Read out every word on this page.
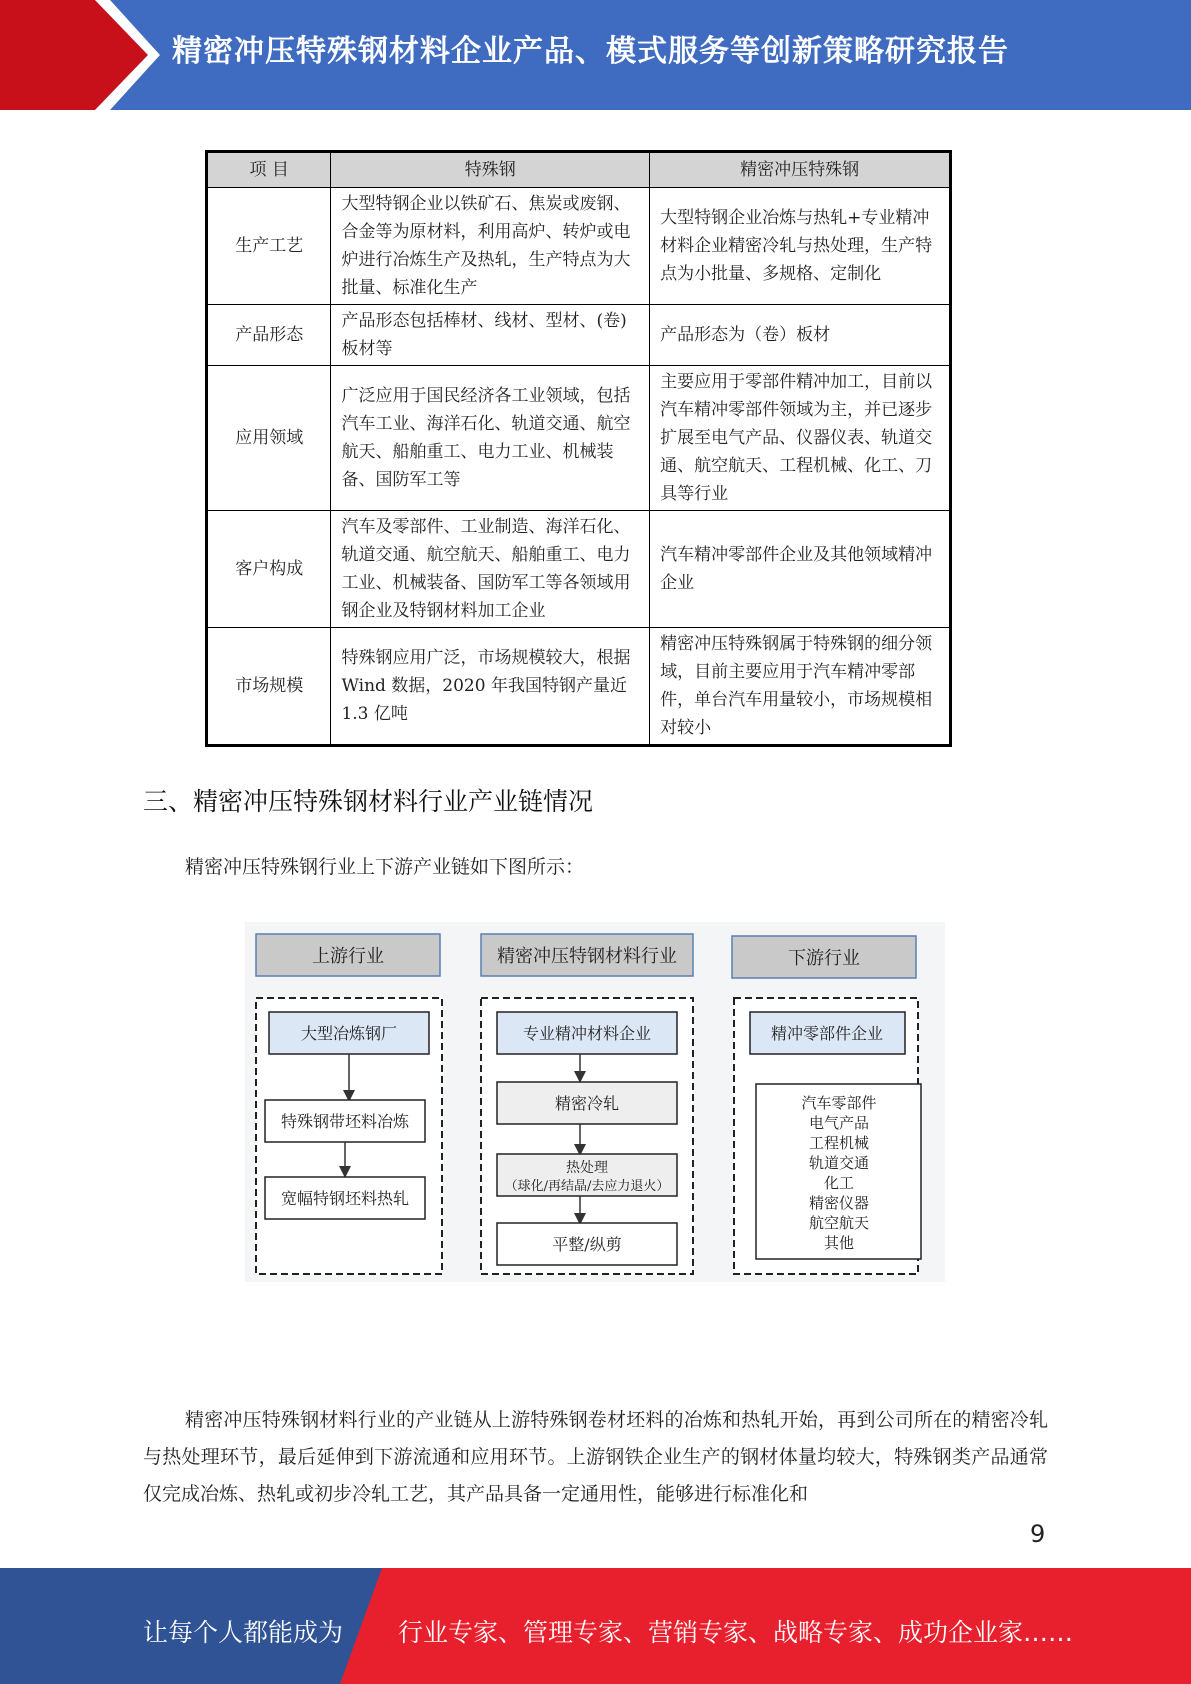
精密冲压特殊钢材料企业产品、模式服务等创新策略研究报告
项 目	特殊钢	精密冲压特殊钢
生产工艺	大型特钢企业以铁矿石、焦炭或废钢、合金等为原材料，利用高炉、转炉或电炉进行冶炼生产及热轧，生产特点为大批量、标准化生产	大型特钢企业冶炼与热轧+专业精冲材料企业精密冷轧与热处理，生产特点为小批量、多规格、定制化
产品形态	产品形态包括棒材、线材、型材、(卷)板材等	产品形态为（卷）板材
应用领域	广泛应用于国民经济各工业领域，包括汽车工业、海洋石化、轨道交通、航空航天、船舶重工、电力工业、机械装备、国防军工等	主要应用于零部件精冲加工，目前以汽车精冲零部件领域为主，并已逐步扩展至电气产品、仪器仪表、轨道交通、航空航天、工程机械、化工、刀具等行业
客户构成	汽车及零部件、工业制造、海洋石化、轨道交通、航空航天、船舶重工、电力工业、机械装备、国防军工等各领域用钢企业及特钢材料加工企业	汽车精冲零部件企业及其他领域精冲企业
市场规模	特殊钢应用广泛，市场规模较大，根据 Wind 数据，2020 年我国特钢产量近 1.3 亿吨	精密冲压特殊钢属于特殊钢的细分领域，目前主要应用于汽车精冲零部件，单台汽车用量较小，市场规模相对较小
三、精密冲压特殊钢材料行业产业链情况
精密冲压特殊钢行业上下游产业链如下图所示：
上游行业
大型冶炼钢厂
特殊钢带坯料冶炼
宽幅特钢坯料热轧
精密冲压特钢材料行业
专业精冲材料企业
精密冷轧
热处理
（球化/再结晶/去应力退火）
平整/纵剪
下游行业
精冲零部件企业
汽车零部件
电气产品
工程机械
轨道交通
化工
精密仪器
航空航天
其他
精密冲压特殊钢材料行业的产业链从上游特殊钢卷材坯料的冶炼和热轧开始，再到公司所在的精密冷轧与热处理环节，最后延伸到下游流通和应用环节。上游钢铁企业生产的钢材体量均较大，特殊钢类产品通常仅完成冶炼、热轧或初步冷轧工艺，其产品具备一定通用性，能够进行标准化和
9
让每个人都能成为 行业专家、管理专家、营销专家、战略专家、成功企业家……
